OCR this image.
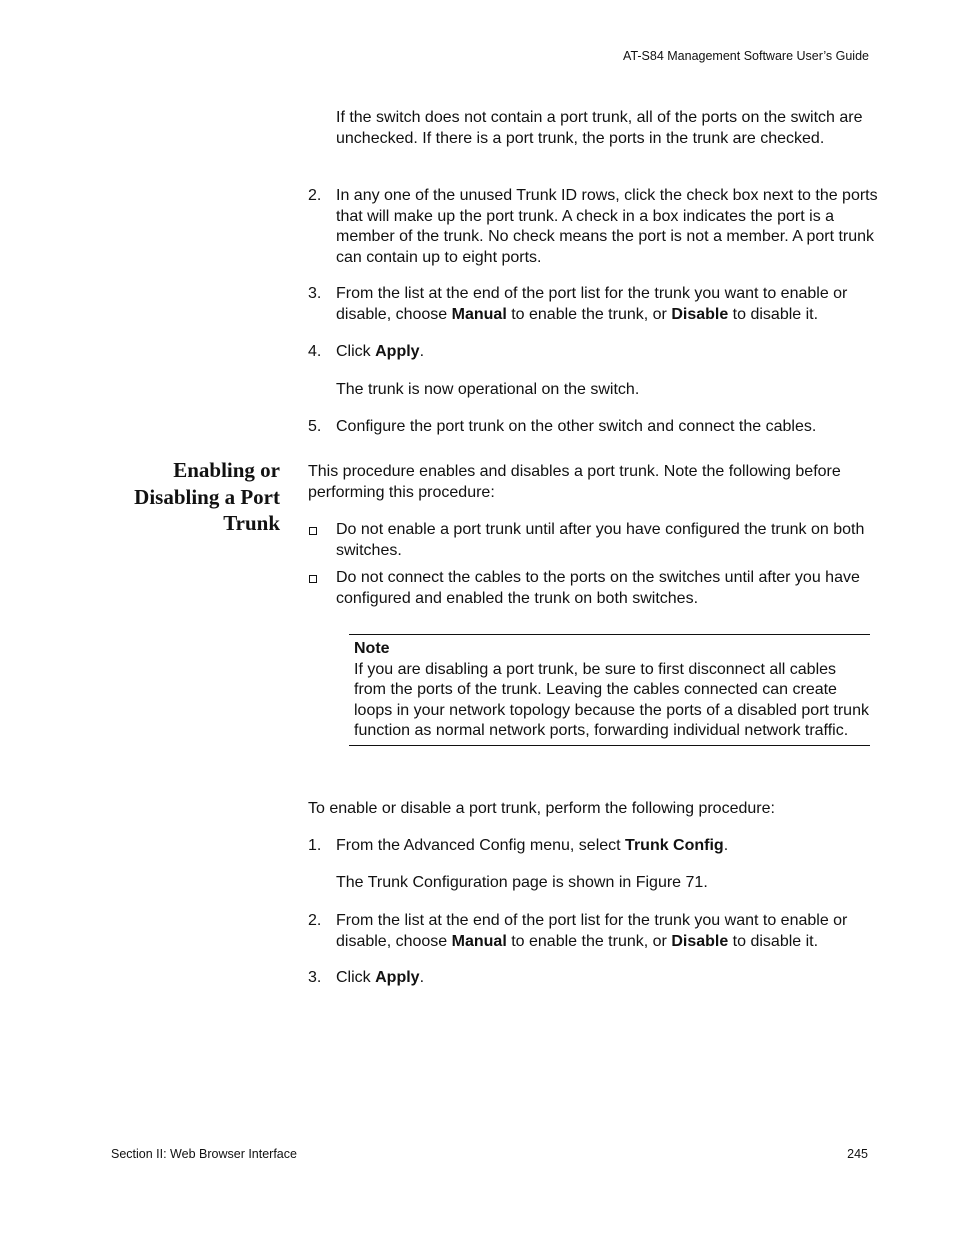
AT-S84 Management Software User’s Guide
If the switch does not contain a port trunk, all of the ports on the switch are unchecked. If there is a port trunk, the ports in the trunk are checked.
2. In any one of the unused Trunk ID rows, click the check box next to the ports that will make up the port trunk. A check in a box indicates the port is a member of the trunk. No check means the port is not a member. A port trunk can contain up to eight ports.
3. From the list at the end of the port list for the trunk you want to enable or disable, choose Manual to enable the trunk, or Disable to disable it.
4. Click Apply.
The trunk is now operational on the switch.
5. Configure the port trunk on the other switch and connect the cables.
Enabling or
Disabling a Port
Trunk
This procedure enables and disables a port trunk. Note the following before performing this procedure:
Do not enable a port trunk until after you have configured the trunk on both switches.
Do not connect the cables to the ports on the switches until after you have configured and enabled the trunk on both switches.
Note
If you are disabling a port trunk, be sure to first disconnect all cables from the ports of the trunk. Leaving the cables connected can create loops in your network topology because the ports of a disabled port trunk function as normal network ports, forwarding individual network traffic.
To enable or disable a port trunk, perform the following procedure:
1. From the Advanced Config menu, select Trunk Config.
The Trunk Configuration page is shown in Figure 71.
2. From the list at the end of the port list for the trunk you want to enable or disable, choose Manual to enable the trunk, or Disable to disable it.
3. Click Apply.
Section II: Web Browser Interface	245
